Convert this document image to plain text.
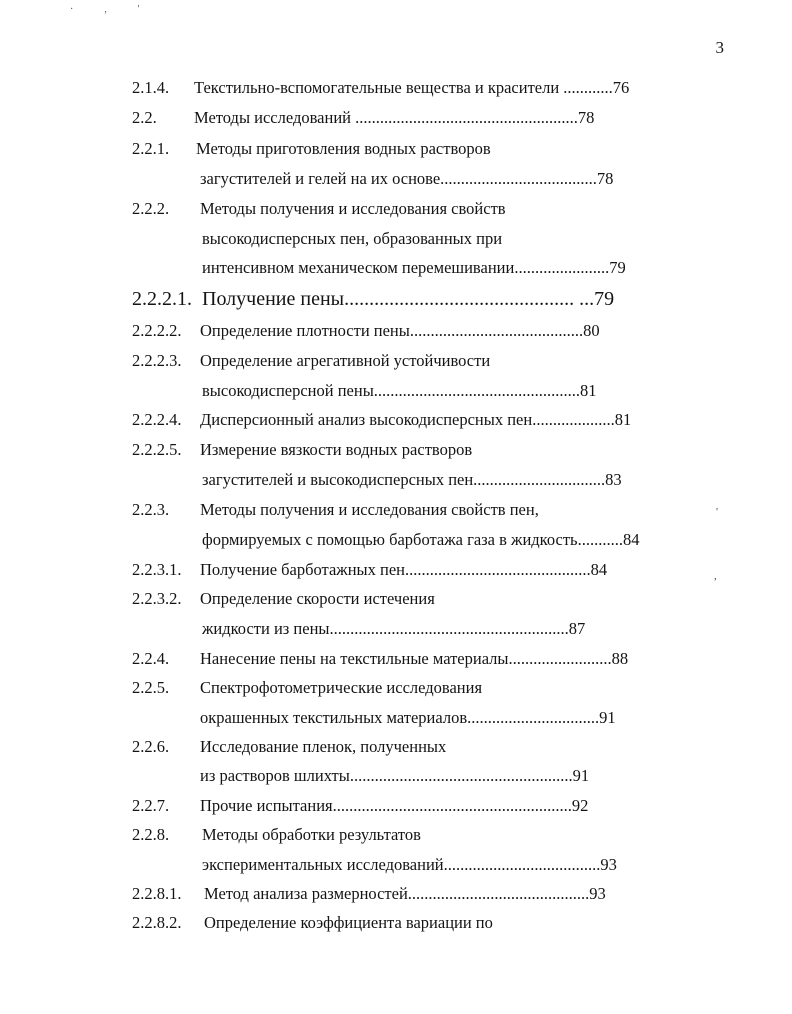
· ‚ '
3
2.1.4. Текстильно-вспомогательные вещества и красители ............76
2.2. Методы исследований ......................................................78
2.2.1. Методы приготовления водных растворов
загустителей и гелей на их основе......................................78
2.2.2. Методы получения и исследования свойств
высокодисперсных пен, образованных при
интенсивном механическом перемешивании.......................79
2.2.2.1. Получение пены.............................................. ...79
2.2.2.2. Определение плотности пены..........................................80
2.2.2.3. Определение агрегативной устойчивости
высокодисперсной пены..................................................81
2.2.2.4. Дисперсионный анализ высокодисперсных пен....................81
2.2.2.5. Измерение вязкости водных растворов
загустителей и высокодисперсных пен................................83
2.2.3. Методы получения и исследования свойств пен,
формируемых с помощью барботажа газа в жидкость...........84
2.2.3.1. Получение барботажных пен.............................................84
2.2.3.2. Определение скорости истечения
жидкости из пены..........................................................87
2.2.4. Нанесение пены на текстильные материалы.........................88
2.2.5. Спектрофотометрические исследования
окрашенных текстильных материалов................................91
2.2.6. Исследование пленок, полученных
из растворов шлихты......................................................91
2.2.7. Прочие испытания..........................................................92
2.2.8. Методы обработки результатов
экспериментальных исследований......................................93
2.2.8.1. Метод анализа размерностей............................................93
2.2.8.2. Определение коэффициента вариации по
'
,
